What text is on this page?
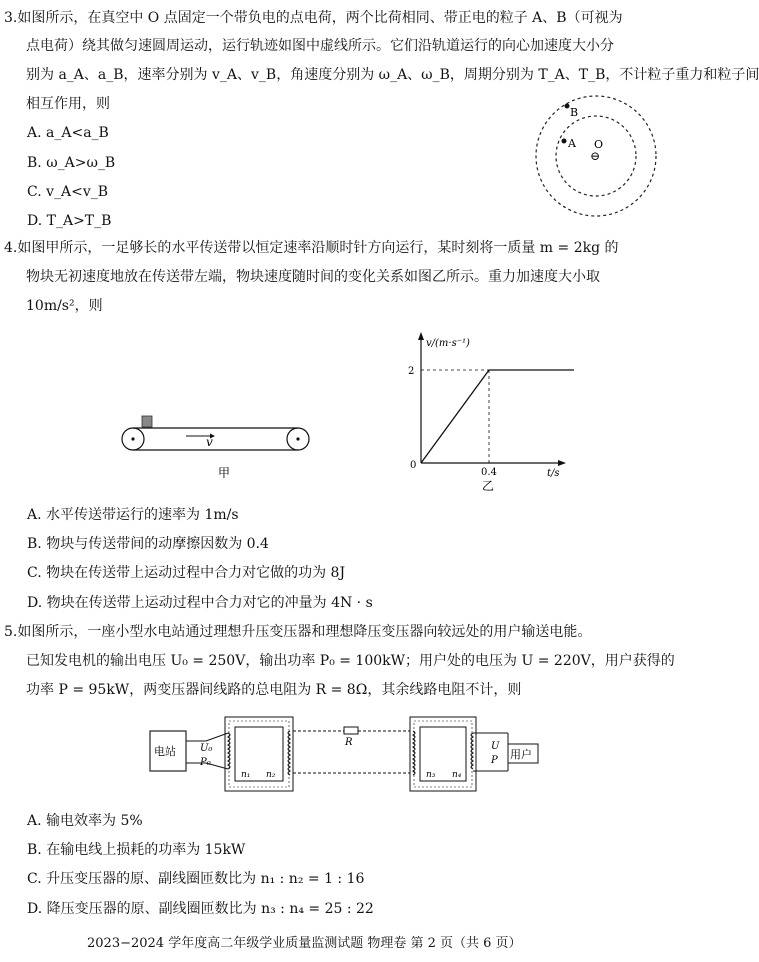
3.如图所示，在真空中 O 点固定一个带负电的点电荷，两个比荷相同、带正电的粒子 A、B（可视为
点电荷）绕其做匀速圆周运动，运行轨迹如图中虚线所示。它们沿轨道运行的向心加速度大小分
别为 a_A、a_B，速率分别为 v_A、v_B，角速度分别为 ω_A、ω_B，周期分别为 T_A、T_B，不计粒子重力和粒子间
相互作用，则
A. a_A<a_B
B. ω_A>ω_B
C. v_A<v_B
D. T_A>T_B
B
A O
⊖
4.如图甲所示，一足够长的水平传送带以恒定速率沿顺时针方向运行，某时刻将一质量 m = 2kg 的
物块无初速度地放在传送带左端，物块速度随时间的变化关系如图乙所示。重力加速度大小取
10m/s²，则
v
甲
v/(m·s⁻¹)
t/s
0
2
0.4
乙
A. 水平传送带运行的速率为 1m/s
B. 物块与传送带间的动摩擦因数为 0.4
C. 物块在传送带上运动过程中合力对它做的功为 8J
D. 物块在传送带上运动过程中合力对它的冲量为 4N · s
5.如图所示，一座小型水电站通过理想升压变压器和理想降压变压器向较远处的用户输送电能。
已知发电机的输出电压 U₀ = 250V，输出功率 P₀ = 100kW；用户处的电压为 U = 220V，用户获得的
功率 P = 95kW，两变压器间线路的总电阻为 R = 8Ω，其余线路电阻不计，则
电站 U₀
P₀
n₁ n₂
R
n₃ n₄
U
P 用户
A. 输电效率为 5%
B. 在输电线上损耗的功率为 15kW
C. 升压变压器的原、副线圈匝数比为 n₁ : n₂ = 1 : 16
D. 降压变压器的原、副线圈匝数比为 n₃ : n₄ = 25 : 22
2023−2024 学年度高二年级学业质量监测试题 物理卷 第 2 页（共 6 页）
